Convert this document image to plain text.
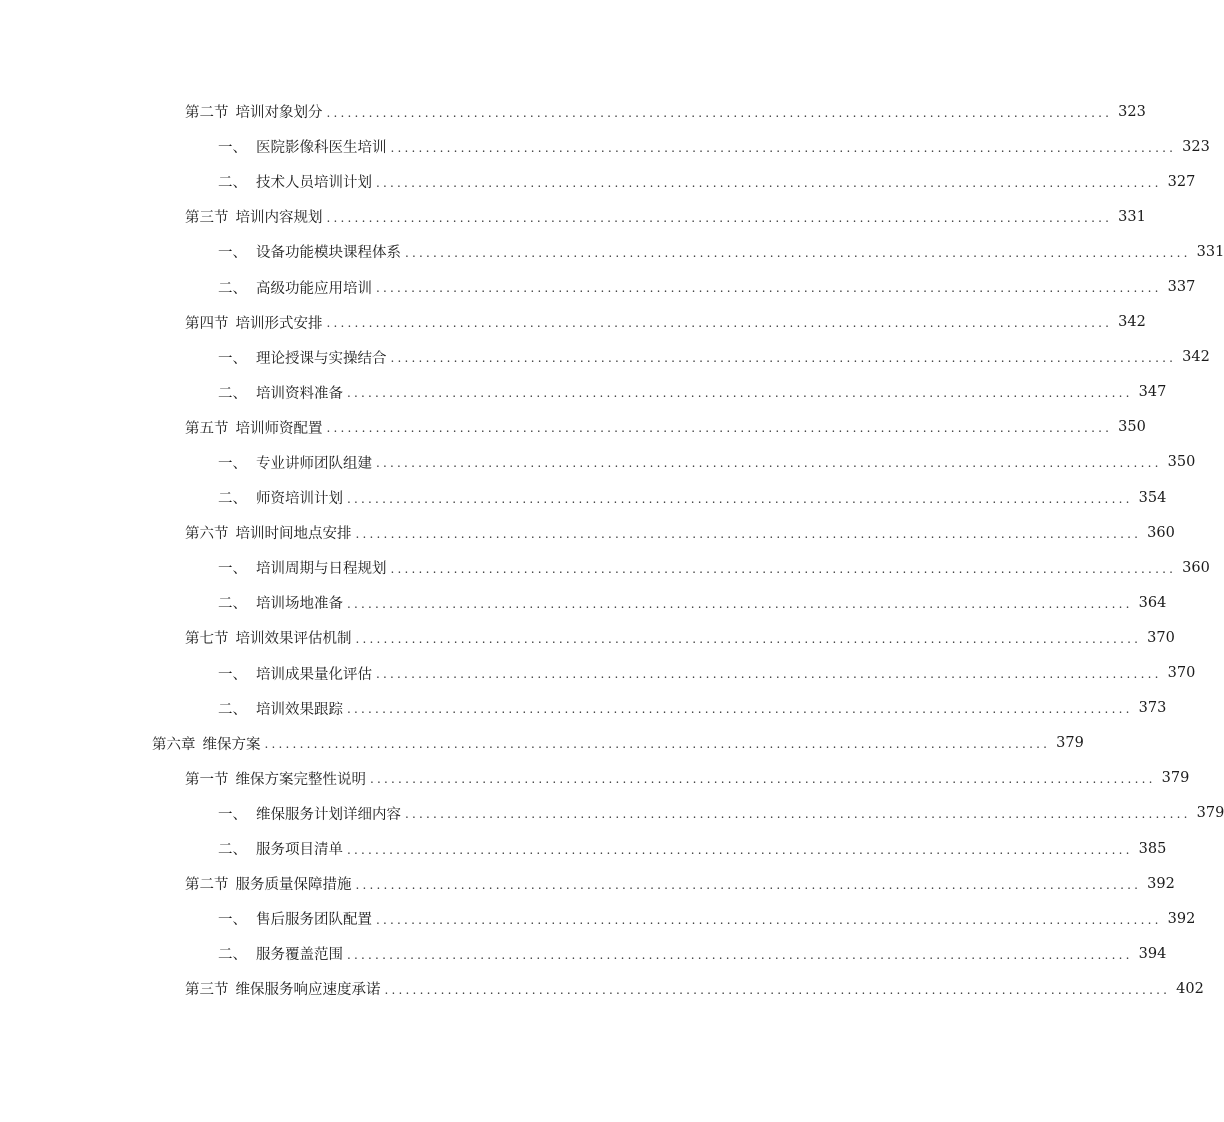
第二节 培训对象划分 ................................................................................................................ 323
一、 医院影像科医生培训 ................................................................................................................ 323
二、 技术人员培训计划 ................................................................................................................ 327
第三节 培训内容规划 ................................................................................................................ 331
一、 设备功能模块课程体系 ................................................................................................................ 331
二、 高级功能应用培训 ................................................................................................................ 337
第四节 培训形式安排 ................................................................................................................ 342
一、 理论授课与实操结合 ................................................................................................................ 342
二、 培训资料准备 ................................................................................................................ 347
第五节 培训师资配置 ................................................................................................................ 350
一、 专业讲师团队组建 ................................................................................................................ 350
二、 师资培训计划 ................................................................................................................ 354
第六节 培训时间地点安排 ................................................................................................................ 360
一、 培训周期与日程规划 ................................................................................................................ 360
二、 培训场地准备 ................................................................................................................ 364
第七节 培训效果评估机制 ................................................................................................................ 370
一、 培训成果量化评估 ................................................................................................................ 370
二、 培训效果跟踪 ................................................................................................................ 373
第六章 维保方案 ................................................................................................................ 379
第一节 维保方案完整性说明 ................................................................................................................ 379
一、 维保服务计划详细内容 ................................................................................................................ 379
二、 服务项目清单 ................................................................................................................ 385
第二节 服务质量保障措施 ................................................................................................................ 392
一、 售后服务团队配置 ................................................................................................................ 392
二、 服务覆盖范围 ................................................................................................................ 394
第三节 维保服务响应速度承诺 ................................................................................................................ 402
